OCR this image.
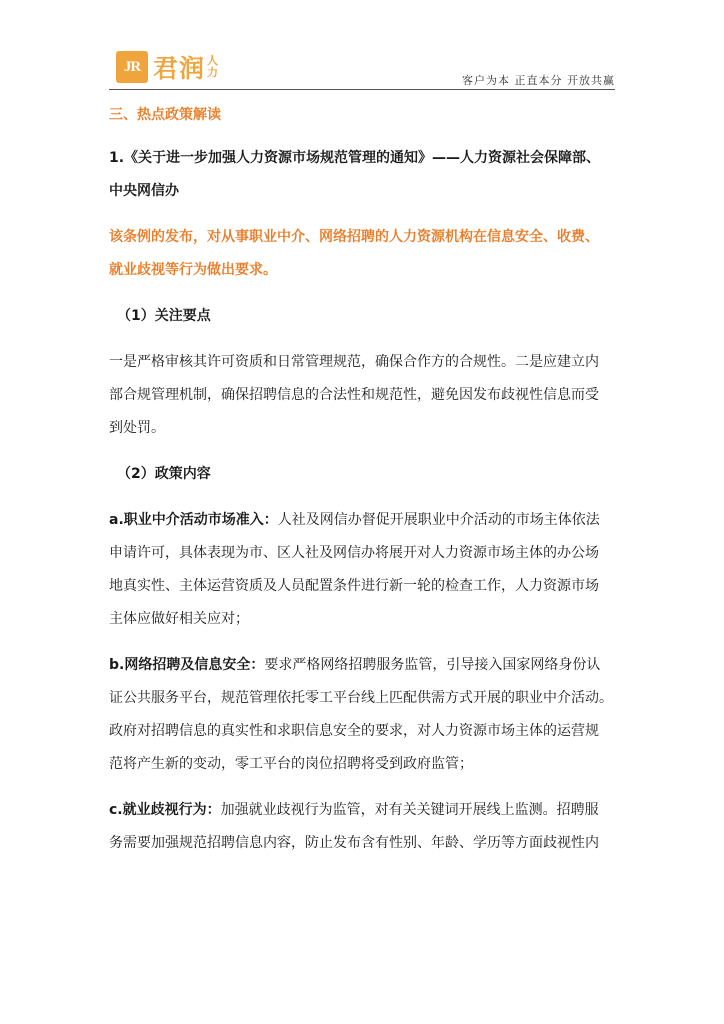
JR 君润 人
力
客户为本 正直本分 开放共赢

三、热点政策解读

1.《关于进一步加强人力资源市场规范管理的通知》——人力资源社会保障部、

中央网信办

该条例的发布，对从事职业中介、网络招聘的人力资源机构在信息安全、收费、

就业歧视等行为做出要求。

（1）关注要点

一是严格审核其许可资质和日常管理规范，确保合作方的合规性。二是应建立内

部合规管理机制，确保招聘信息的合法性和规范性，避免因发布歧视性信息而受

到处罚。

（2）政策内容

a.职业中介活动市场准入：人社及网信办督促开展职业中介活动的市场主体依法

申请许可，具体表现为市、区人社及网信办将展开对人力资源市场主体的办公场

地真实性、主体运营资质及人员配置条件进行新一轮的检查工作，人力资源市场

主体应做好相关应对；

b.网络招聘及信息安全：要求严格网络招聘服务监管，引导接入国家网络身份认

证公共服务平台，规范管理依托零工平台线上匹配供需方式开展的职业中介活动。

政府对招聘信息的真实性和求职信息安全的要求，对人力资源市场主体的运营规

范将产生新的变动，零工平台的岗位招聘将受到政府监管；

c.就业歧视行为：加强就业歧视行为监管，对有关关键词开展线上监测。招聘服

务需要加强规范招聘信息内容，防止发布含有性别、年龄、学历等方面歧视性内
